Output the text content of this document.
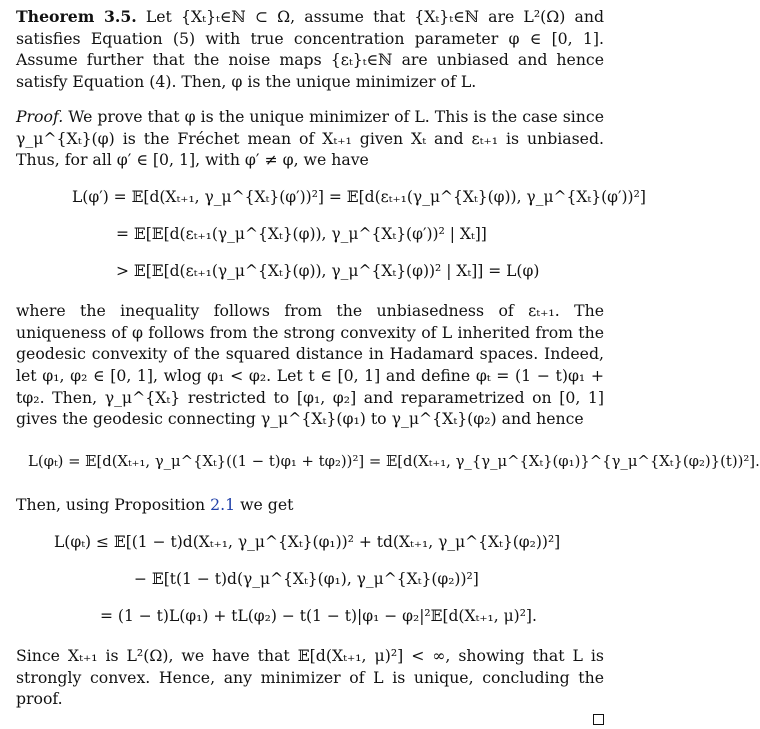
Theorem 3.5. Let {Xₜ}ₜ∈ℕ ⊂ Ω, assume that {Xₜ}ₜ∈ℕ are L²(Ω) and satisfies Equation (5) with true concentration parameter φ ∈ [0, 1]. Assume further that the noise maps {εₜ}ₜ∈ℕ are unbiased and hence satisfy Equation (4). Then, φ is the unique minimizer of L.

Proof. We prove that φ is the unique minimizer of L. This is the case since γ_μ^{Xₜ}(φ) is the Fréchet mean of Xₜ₊₁ given Xₜ and εₜ₊₁ is unbiased. Thus, for all φ′ ∈ [0, 1], with φ′ ≠ φ, we have

L(φ′) = 𝔼[d(Xₜ₊₁, γ_μ^{Xₜ}(φ′))²] = 𝔼[d(εₜ₊₁(γ_μ^{Xₜ}(φ)), γ_μ^{Xₜ}(φ′))²]
= 𝔼[𝔼[d(εₜ₊₁(γ_μ^{Xₜ}(φ)), γ_μ^{Xₜ}(φ′))² | Xₜ]]
> 𝔼[𝔼[d(εₜ₊₁(γ_μ^{Xₜ}(φ)), γ_μ^{Xₜ}(φ))² | Xₜ]] = L(φ)

where the inequality follows from the unbiasedness of εₜ₊₁. The uniqueness of φ follows from the strong convexity of L inherited from the geodesic convexity of the squared distance in Hadamard spaces. Indeed, let φ₁, φ₂ ∈ [0, 1], wlog φ₁ < φ₂. Let t ∈ [0, 1] and define φₜ = (1 − t)φ₁ + tφ₂. Then, γ_μ^{Xₜ} restricted to [φ₁, φ₂] and reparametrized on [0, 1] gives the geodesic connecting γ_μ^{Xₜ}(φ₁) to γ_μ^{Xₜ}(φ₂) and hence

L(φₜ) = 𝔼[d(Xₜ₊₁, γ_μ^{Xₜ}((1 − t)φ₁ + tφ₂))²] = 𝔼[d(Xₜ₊₁, γ_{γ_μ^{Xₜ}(φ₁)}^{γ_μ^{Xₜ}(φ₂)}(t))²].

Then, using Proposition 2.1 we get

L(φₜ) ≤ 𝔼[(1 − t)d(Xₜ₊₁, γ_μ^{Xₜ}(φ₁))² + td(Xₜ₊₁, γ_μ^{Xₜ}(φ₂))²]
− 𝔼[t(1 − t)d(γ_μ^{Xₜ}(φ₁), γ_μ^{Xₜ}(φ₂))²]
= (1 − t)L(φ₁) + tL(φ₂) − t(1 − t)|φ₁ − φ₂|²𝔼[d(Xₜ₊₁, μ)²].

Since Xₜ₊₁ is L²(Ω), we have that 𝔼[d(Xₜ₊₁, μ)²] < ∞, showing that L is strongly convex. Hence, any minimizer of L is unique, concluding the proof.
